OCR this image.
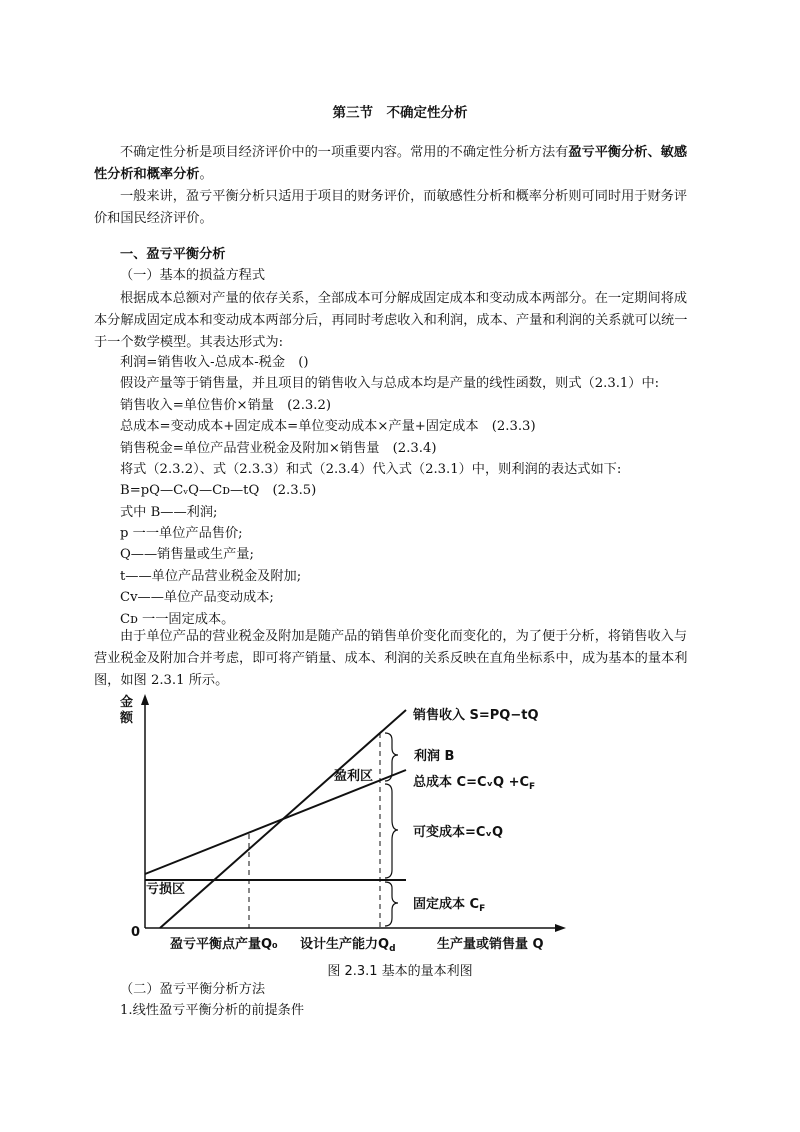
第三节　不确定性分析
不确定性分析是项目经济评价中的一项重要内容。常用的不确定性分析方法有盈亏平衡分析、敏感性分析和概率分析。
一般来讲，盈亏平衡分析只适用于项目的财务评价，而敏感性分析和概率分析则可同时用于财务评价和国民经济评价。
一、盈亏平衡分析
（一）基本的损益方程式
根据成本总额对产量的依存关系，全部成本可分解成固定成本和变动成本两部分。在一定期间将成本分解成固定成本和变动成本两部分后，再同时考虑收入和利润，成本、产量和利润的关系就可以统一于一个数学模型。其表达形式为:
利润=销售收入-总成本-税金　()
假设产量等于销售量，并且项目的销售收入与总成本均是产量的线性函数，则式（2.3.1）中:
销售收入=单位售价×销量　(2.3.2)
总成本=变动成本+固定成本=单位变动成本×产量+固定成本　(2.3.3)
销售税金=单位产品营业税金及附加×销售量　(2.3.4)
将式（2.3.2）、式（2.3.3）和式（2.3.4）代入式（2.3.1）中，则利润的表达式如下:
B=pQ—CᵥQ—Cᴅ—tQ　(2.3.5)
式中 B——利润;
p 一一单位产品售价;
Q——销售量或生产量;
t——单位产品营业税金及附加;
Cv——单位产品变动成本;
Cᴅ 一一固定成本。
由于单位产品的营业税金及附加是随产品的销售单价变化而变化的，为了便于分析，将销售收入与营业税金及附加合并考虑，即可将产销量、成本、利润的关系反映在直角坐标系中，成为基本的量本利图，如图 2.3.1 所示。
金
额
0
盈亏平衡点产量Q₀ 设计生产能力$Q_d$	生产量或销售量 Q
销售收入 S=PQ−tQ
利润 B
总成本 C=CᵥQ $+C_F$
可变成本=CᵥQ
固定成本 $C_F$
盈利区
亏损区
图 2.3.1 基本的量本利图
（二）盈亏平衡分析方法
1.线性盈亏平衡分析的前提条件
